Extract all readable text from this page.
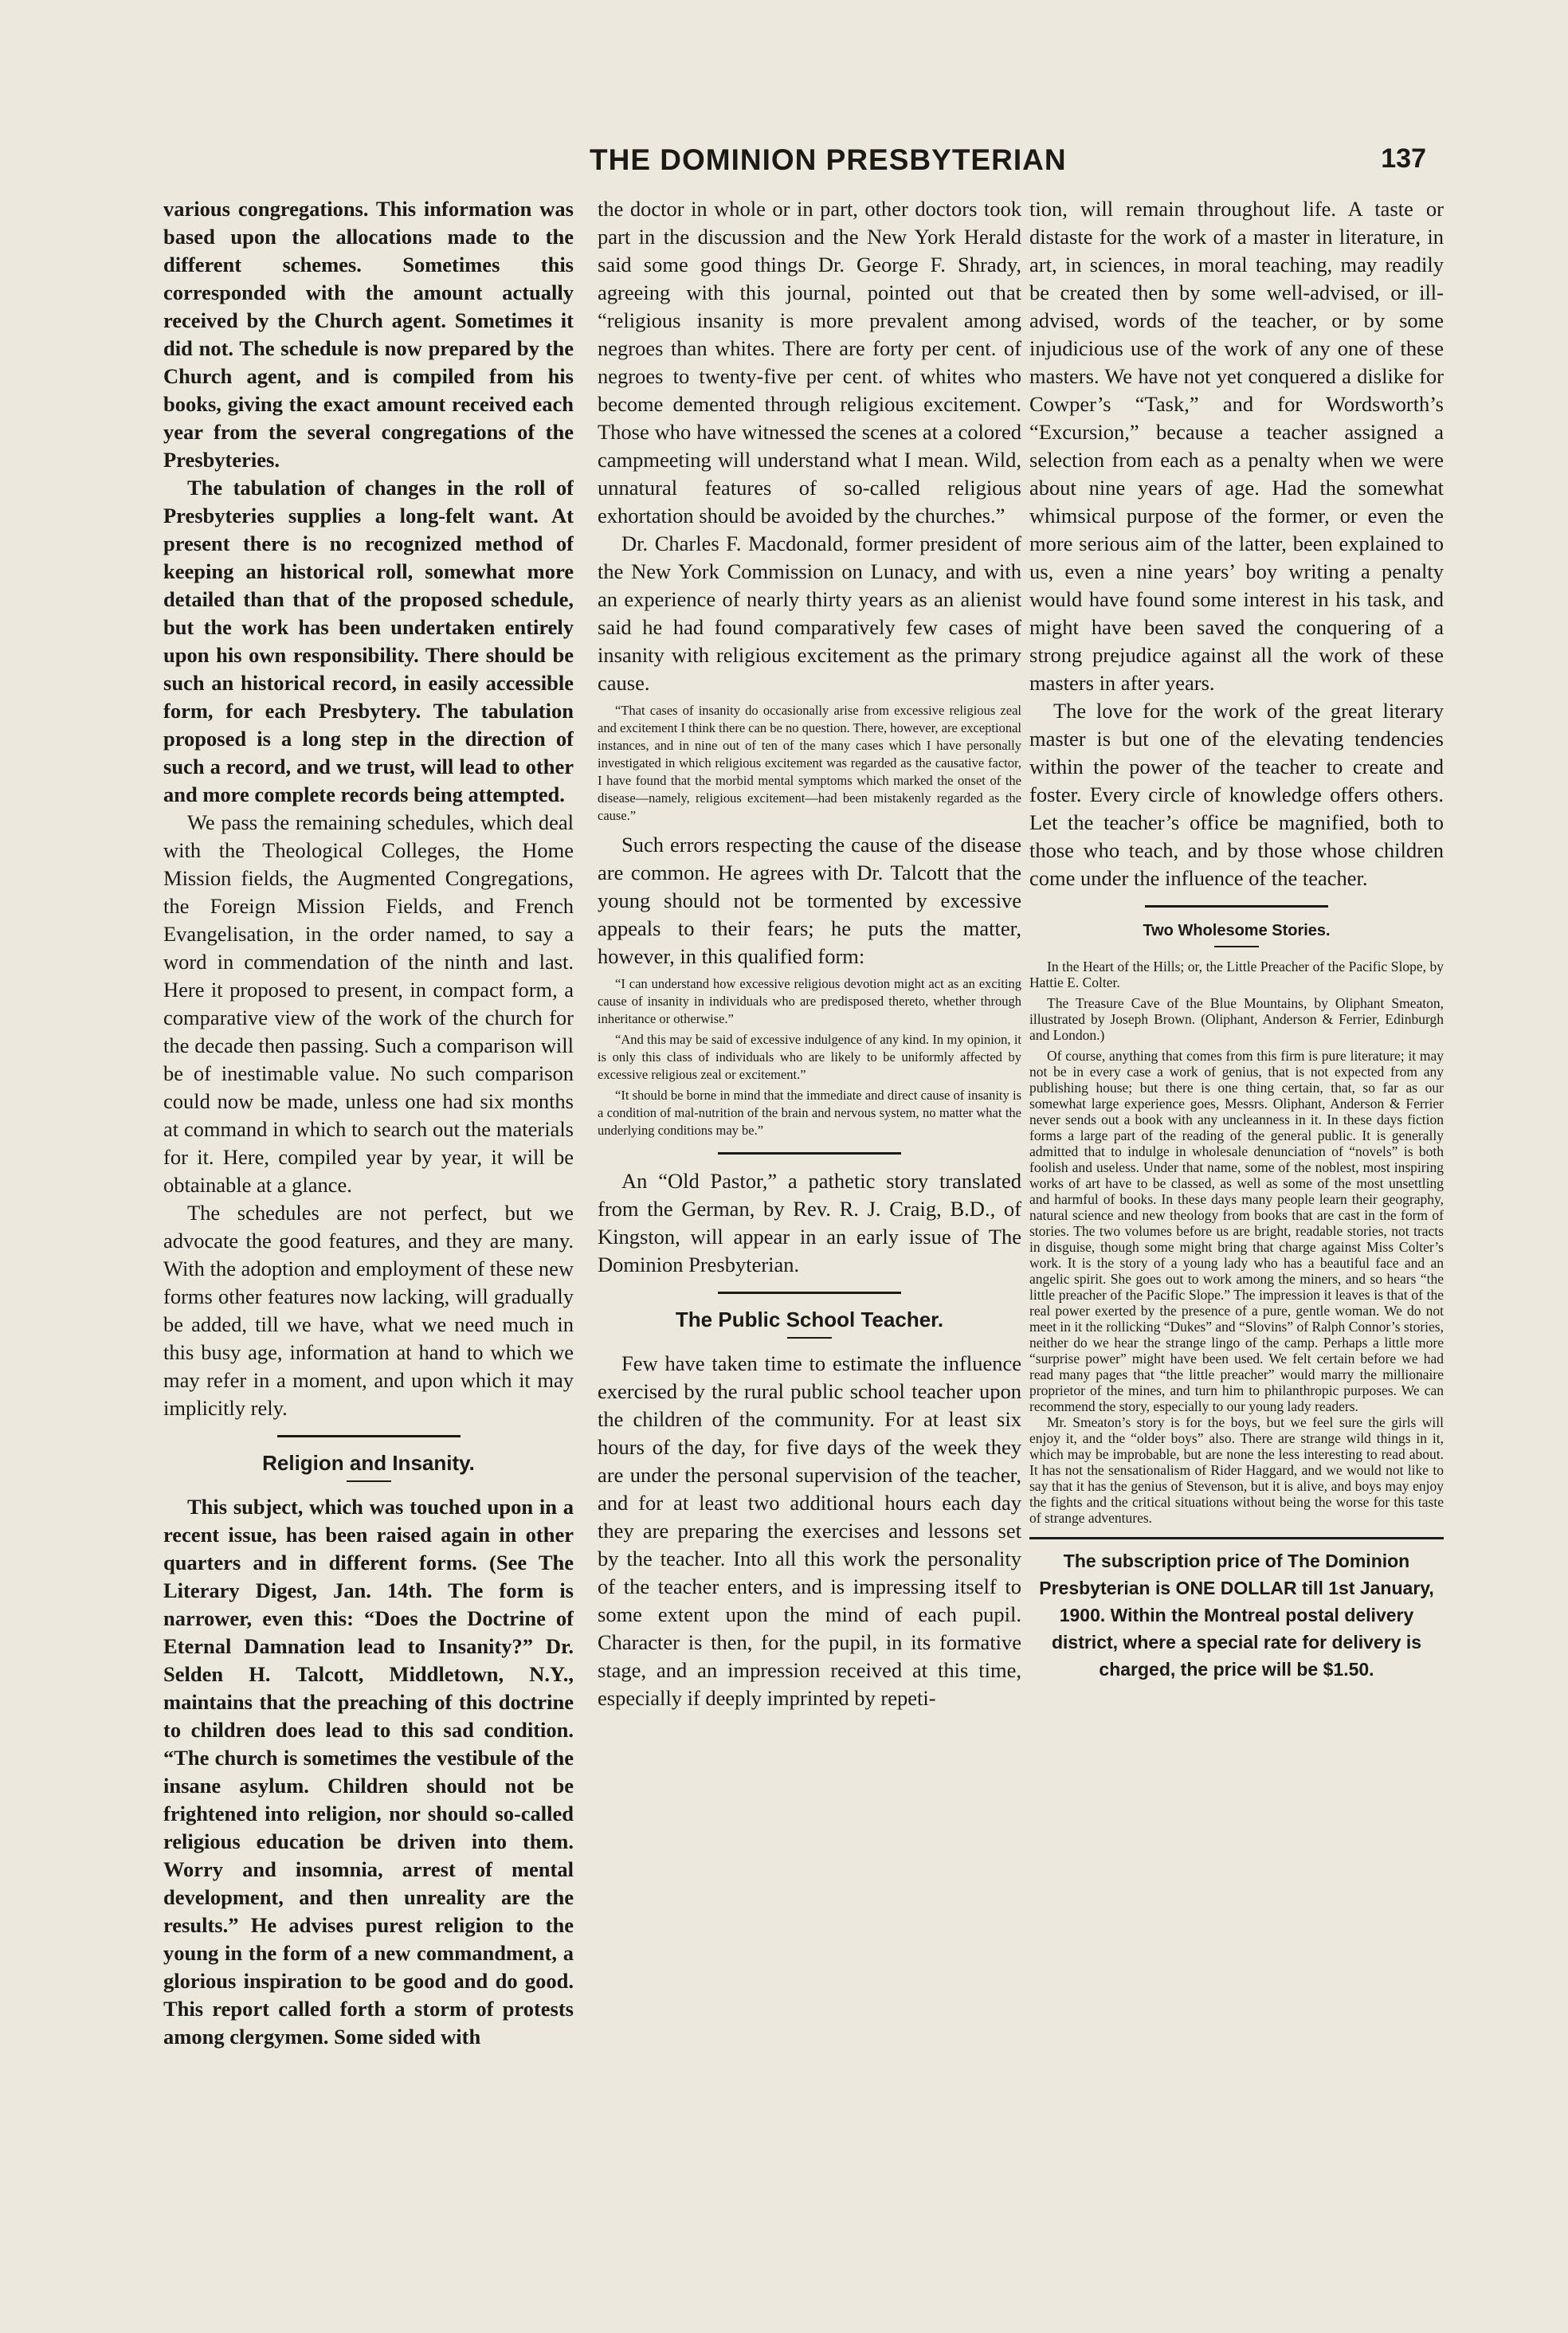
THE DOMINION PRESBYTERIAN	137

various congregations. This information was based upon the allocations made to the different schemes. Sometimes this corresponded with the amount actually received by the Church agent. Sometimes it did not. The schedule is now prepared by the Church agent, and is compiled from his books, giving the exact amount received each year from the several congregations of the Presbyteries.

The tabulation of changes in the roll of Presbyteries supplies a long-felt want. At present there is no recognized method of keeping an historical roll, somewhat more detailed than that of the proposed schedule, but the work has been undertaken entirely upon his own responsibility. There should be such an historical record, in easily accessible form, for each Presbytery. The tabulation proposed is a long step in the direction of such a record, and we trust, will lead to other and more complete records being attempted.

We pass the remaining schedules, which deal with the Theological Colleges, the Home Mission fields, the Augmented Congregations, the Foreign Mission Fields, and French Evangelisation, in the order named, to say a word in commendation of the ninth and last. Here it proposed to present, in compact form, a comparative view of the work of the church for the decade then passing. Such a comparison will be of inestimable value. No such comparison could now be made, unless one had six months at command in which to search out the materials for it. Here, compiled year by year, it will be obtainable at a glance.

The schedules are not perfect, but we advocate the good features, and they are many. With the adoption and employment of these new forms other features now lacking, will gradually be added, till we have, what we need much in this busy age, information at hand to which we may refer in a moment, and upon which it may implicitly rely.

Religion and Insanity.

This subject, which was touched upon in a recent issue, has been raised again in other quarters and in different forms. (See The Literary Digest, Jan. 14th. The form is narrower, even this: “Does the Doctrine of Eternal Damnation lead to Insanity?” Dr. Selden H. Talcott, Middletown, N.Y., maintains that the preaching of this doctrine to children does lead to this sad condition. “The church is sometimes the vestibule of the insane asylum. Children should not be frightened into religion, nor should so-called religious education be driven into them. Worry and insomnia, arrest of mental development, and then unreality are the results.” He advises purest religion to the young in the form of a new commandment, a glorious inspiration to be good and do good. This report called forth a storm of protests among clergymen. Some sided with

the doctor in whole or in part, other doctors took part in the discussion and the New York Herald said some good things Dr. George F. Shrady, agreeing with this journal, pointed out that “religious insanity is more prevalent among negroes than whites. There are forty per cent. of negroes to twenty-five per cent. of whites who become demented through religious excitement. Those who have witnessed the scenes at a colored campmeeting will understand what I mean. Wild, unnatural features of so-called religious exhortation should be avoided by the churches.”

Dr. Charles F. Macdonald, former president of the New York Commission on Lunacy, and with an experience of nearly thirty years as an alienist said he had found comparatively few cases of insanity with religious excitement as the primary cause.

“That cases of insanity do occasionally arise from excessive religious zeal and excitement I think there can be no question. There, however, are exceptional instances, and in nine out of ten of the many cases which I have personally investigated in which religious excitement was regarded as the causative factor, I have found that the morbid mental symptoms which marked the onset of the disease—namely, religious excitement—had been mistakenly regarded as the cause.”

Such errors respecting the cause of the disease are common. He agrees with Dr. Talcott that the young should not be tormented by excessive appeals to their fears; he puts the matter, however, in this qualified form:

“I can understand how excessive religious devotion might act as an exciting cause of insanity in individuals who are predisposed thereto, whether through inheritance or otherwise.”

“And this may be said of excessive indulgence of any kind. In my opinion, it is only this class of individuals who are likely to be uniformly affected by excessive religious zeal or excitement.”

“It should be borne in mind that the immediate and direct cause of insanity is a condition of mal-nutrition of the brain and nervous system, no matter what the underlying conditions may be.”

An “Old Pastor,” a pathetic story translated from the German, by Rev. R. J. Craig, B.D., of Kingston, will appear in an early issue of The Dominion Presbyterian.

The Public School Teacher.

Few have taken time to estimate the influence exercised by the rural public school teacher upon the children of the community. For at least six hours of the day, for five days of the week they are under the personal supervision of the teacher, and for at least two additional hours each day they are preparing the exercises and lessons set by the teacher. Into all this work the personality of the teacher enters, and is impressing itself to some extent upon the mind of each pupil. Character is then, for the pupil, in its formative stage, and an impression received at this time, especially if deeply imprinted by repeti-

tion, will remain throughout life. A taste or distaste for the work of a master in literature, in art, in sciences, in moral teaching, may readily be created then by some well-advised, or ill-advised, words of the teacher, or by some injudicious use of the work of any one of these masters. We have not yet conquered a dislike for Cowper’s “Task,” and for Wordsworth’s “Excursion,” because a teacher assigned a selection from each as a penalty when we were about nine years of age. Had the somewhat whimsical purpose of the former, or even the more serious aim of the latter, been explained to us, even a nine years’ boy writing a penalty would have found some interest in his task, and might have been saved the conquering of a strong prejudice against all the work of these masters in after years.

The love for the work of the great literary master is but one of the elevating tendencies within the power of the teacher to create and foster. Every circle of knowledge offers others. Let the teacher’s office be magnified, both to those who teach, and by those whose children come under the influence of the teacher.

Two Wholesome Stories.

In the Heart of the Hills; or, the Little Preacher of the Pacific Slope, by Hattie E. Colter.

The Treasure Cave of the Blue Mountains, by Oliphant Smeaton, illustrated by Joseph Brown. (Oliphant, Anderson & Ferrier, Edinburgh and London.)

Of course, anything that comes from this firm is pure literature; it may not be in every case a work of genius, that is not expected from any publishing house; but there is one thing certain, that, so far as our somewhat large experience goes, Messrs. Oliphant, Anderson & Ferrier never sends out a book with any uncleanness in it. In these days fiction forms a large part of the reading of the general public. It is generally admitted that to indulge in wholesale denunciation of “novels” is both foolish and useless. Under that name, some of the noblest, most inspiring works of art have to be classed, as well as some of the most unsettling and harmful of books. In these days many people learn their geography, natural science and new theology from books that are cast in the form of stories. The two volumes before us are bright, readable stories, not tracts in disguise, though some might bring that charge against Miss Colter’s work. It is the story of a young lady who has a beautiful face and an angelic spirit. She goes out to work among the miners, and so hears “the little preacher of the Pacific Slope.” The impression it leaves is that of the real power exerted by the presence of a pure, gentle woman. We do not meet in it the rollicking “Dukes” and “Slovins” of Ralph Connor’s stories, neither do we hear the strange lingo of the camp. Perhaps a little more “surprise power” might have been used. We felt certain before we had read many pages that “the little preacher” would marry the millionaire proprietor of the mines, and turn him to philanthropic purposes. We can recommend the story, especially to our young lady readers.

Mr. Smeaton’s story is for the boys, but we feel sure the girls will enjoy it, and the “older boys” also. There are strange wild things in it, which may be improbable, but are none the less interesting to read about. It has not the sensationalism of Rider Haggard, and we would not like to say that it has the genius of Stevenson, but it is alive, and boys may enjoy the fights and the critical situations without being the worse for this taste of strange adventures.

The subscription price of The Dominion Presbyterian is ONE DOLLAR till 1st January, 1900. Within the Montreal postal delivery district, where a special rate for delivery is charged, the price will be $1.50.
